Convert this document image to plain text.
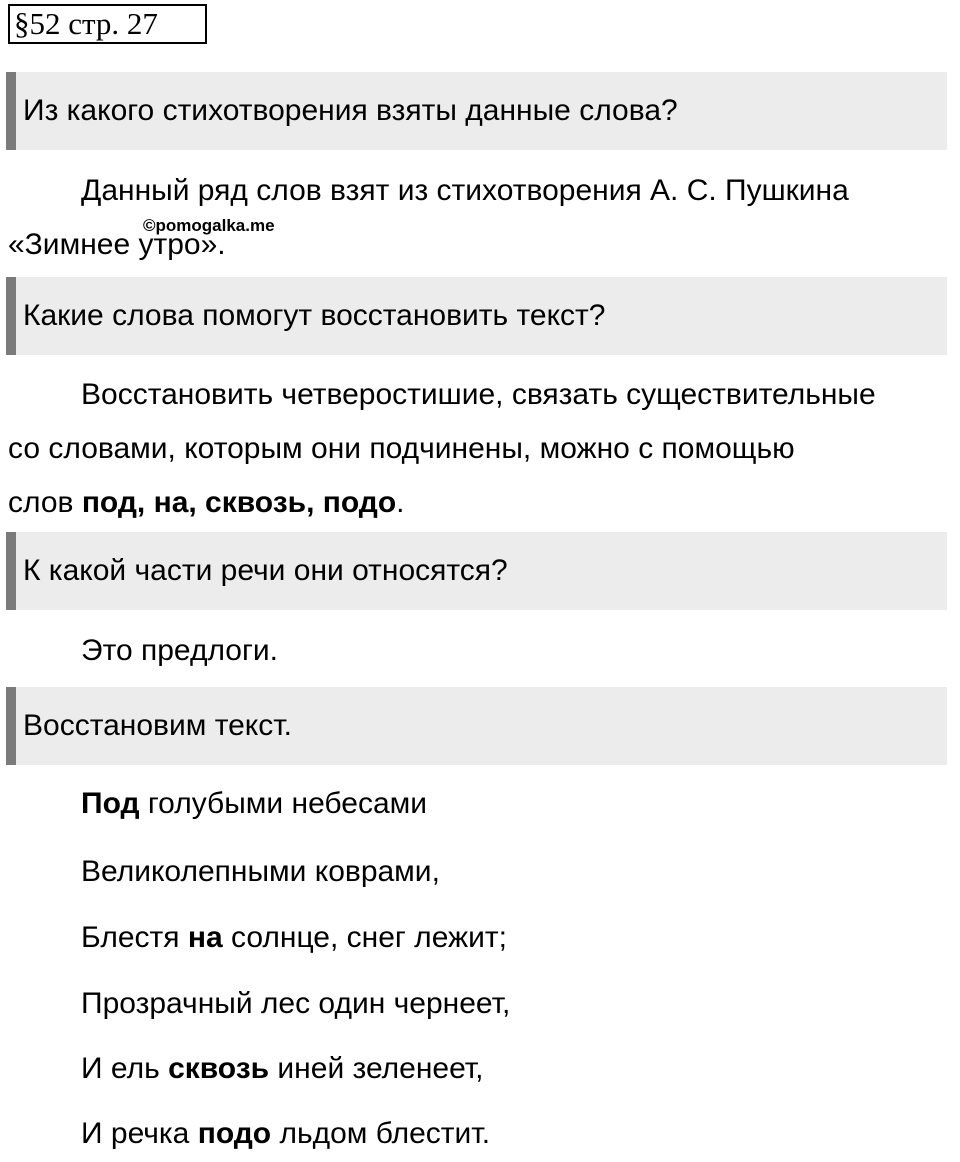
§52 стр. 27
Из какого стихотворения взяты данные слова?
Данный ряд слов взят из стихотворения А. С. Пушкина
«Зимнее утро».
©pomogalka.me
Какие слова помогут восстановить текст?
Восстановить четверостишие, связать существительные
со словами, которым они подчинены, можно с помощью
слов под, на, сквозь, подо.
К какой части речи они относятся?
Это предлоги.
Восстановим текст.
Под голубыми небесами
Великолепными коврами,
Блестя на солнце, снег лежит;
Прозрачный лес один чернеет,
И ель сквозь иней зеленеет,
И речка подо льдом блестит.
